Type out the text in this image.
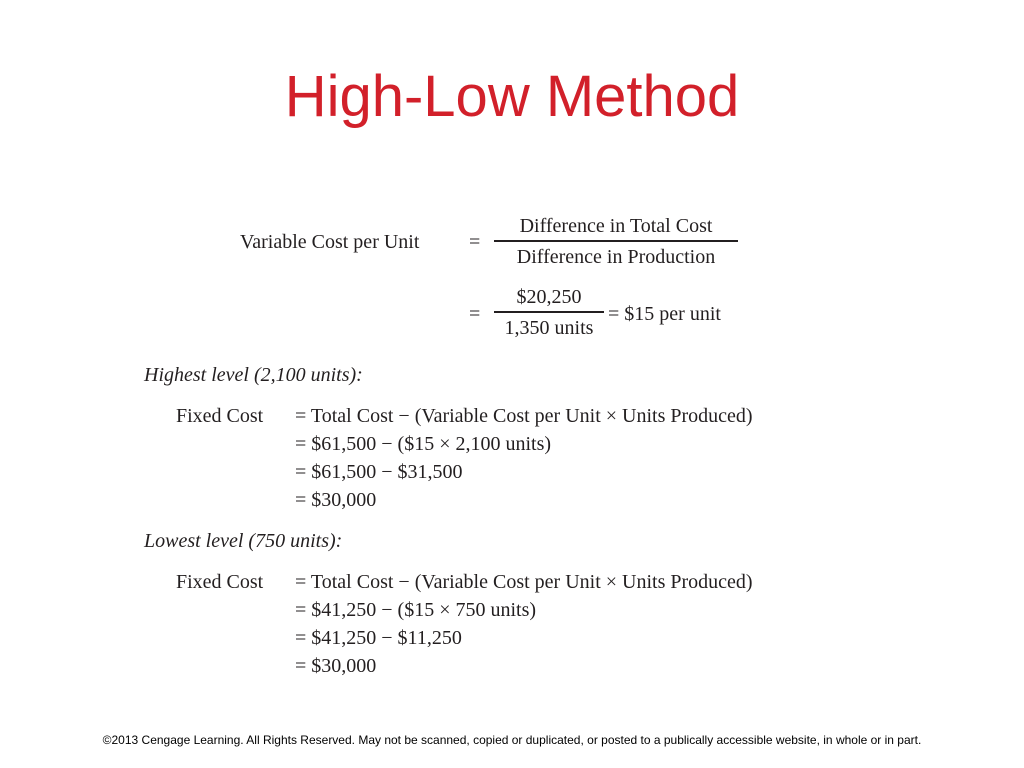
High-Low Method
Variable Cost per Unit =
Difference in Total Cost
Difference in Production
=
$20,250
1,350 units
= $15 per unit
Highest level (2,100 units):
Fixed Cost = Total Cost − (Variable Cost per Unit × Units Produced)
= $61,500 − ($15 × 2,100 units)
= $61,500 − $31,500
= $30,000
Lowest level (750 units):
Fixed Cost = Total Cost − (Variable Cost per Unit × Units Produced)
= $41,250 − ($15 × 750 units)
= $41,250 − $11,250
= $30,000
©2013 Cengage Learning. All Rights Reserved. May not be scanned, copied or duplicated, or posted to a publically accessible website, in whole or in part.
